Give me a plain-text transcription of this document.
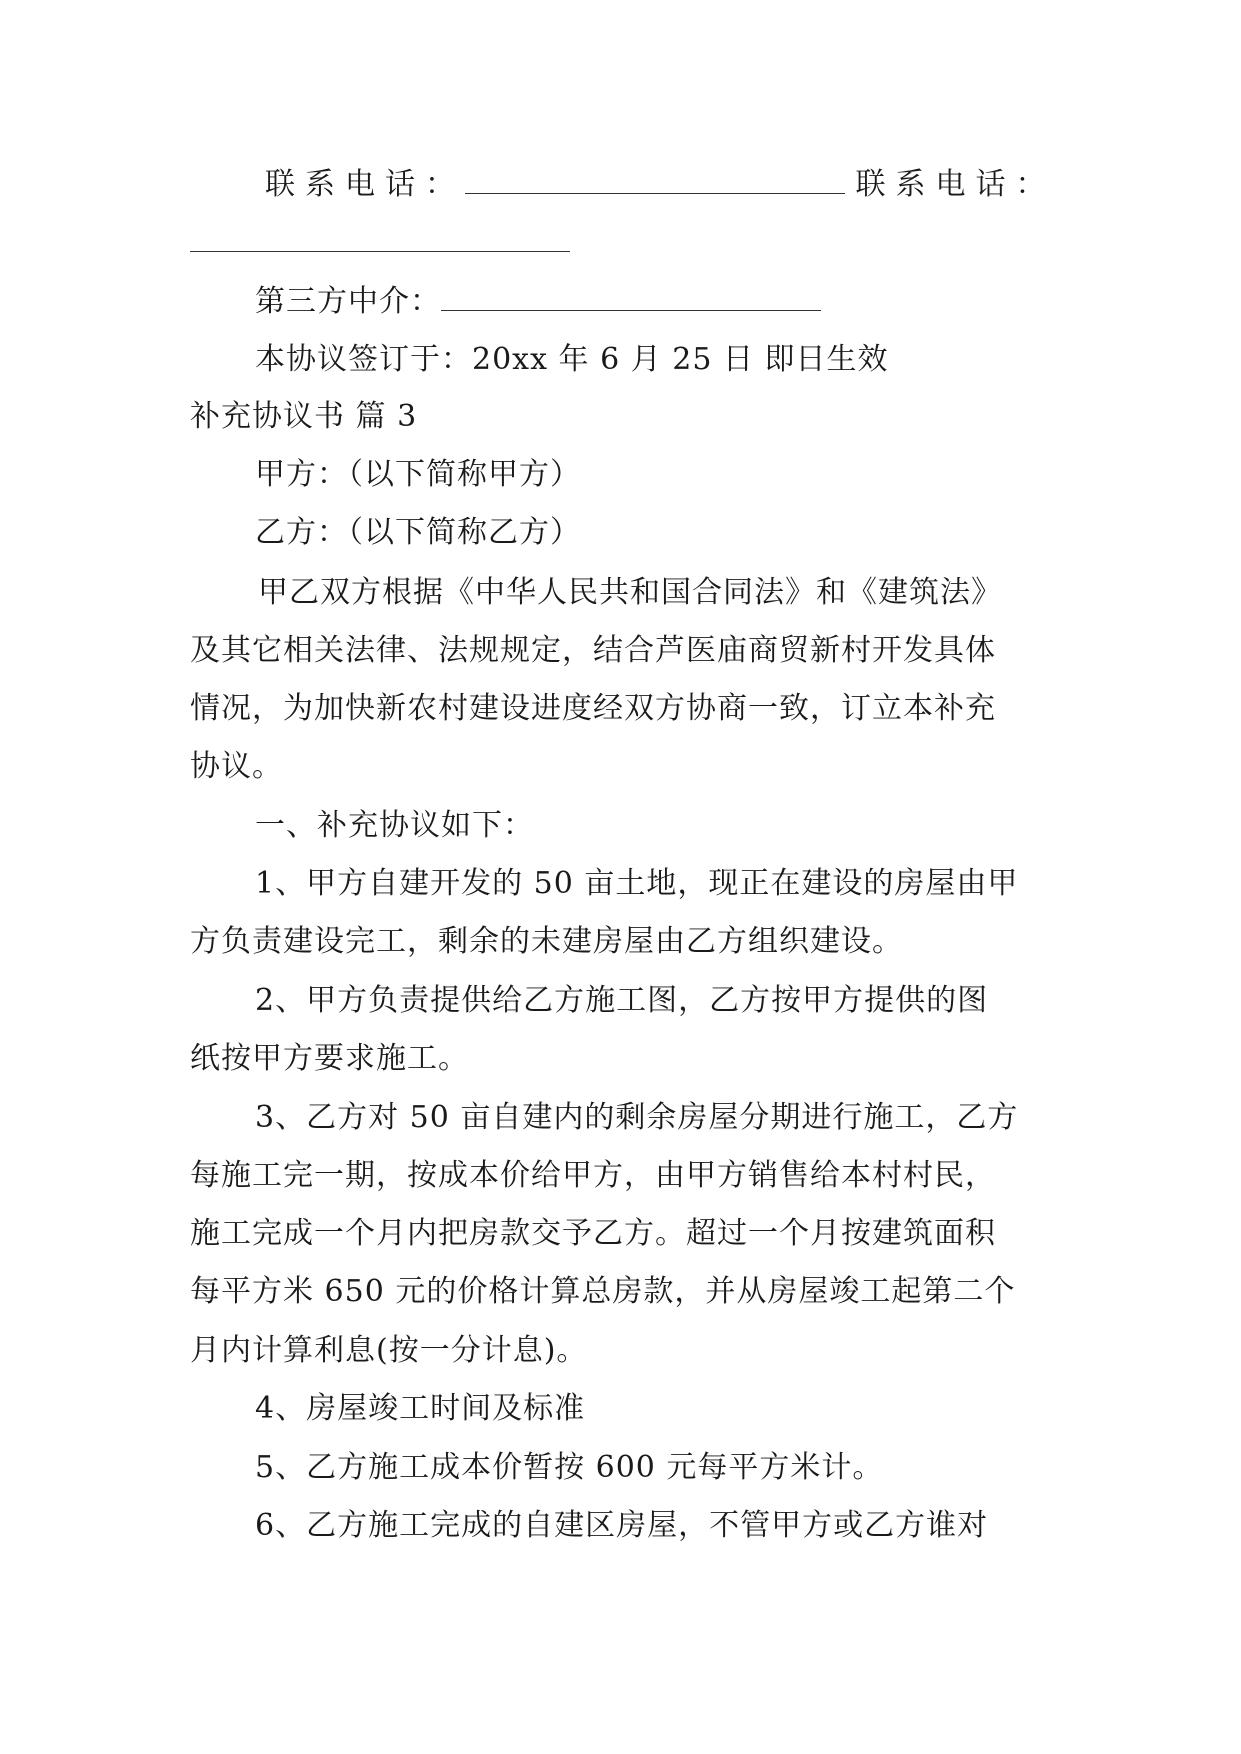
联系电话：	联系电话：
第三方中介：
本协议签订于：20xx 年 6 月 25 日 即日生效
补充协议书 篇 3
甲方：（以下简称甲方）
乙方：（以下简称乙方）
甲乙双方根据《中华人民共和国合同法》和《建筑法》
及其它相关法律、法规规定，结合芦医庙商贸新村开发具体
情况，为加快新农村建设进度经双方协商一致，订立本补充
协议。
一、补充协议如下：
1、甲方自建开发的 50 亩土地，现正在建设的房屋由甲
方负责建设完工，剩余的未建房屋由乙方组织建设。
2、甲方负责提供给乙方施工图，乙方按甲方提供的图
纸按甲方要求施工。
3、乙方对 50 亩自建内的剩余房屋分期进行施工，乙方
每施工完一期，按成本价给甲方，由甲方销售给本村村民，
施工完成一个月内把房款交予乙方。超过一个月按建筑面积
每平方米 650 元的价格计算总房款，并从房屋竣工起第二个
月内计算利息(按一分计息)。
4、房屋竣工时间及标准
5、乙方施工成本价暂按 600 元每平方米计。
6、乙方施工完成的自建区房屋，不管甲方或乙方谁对
